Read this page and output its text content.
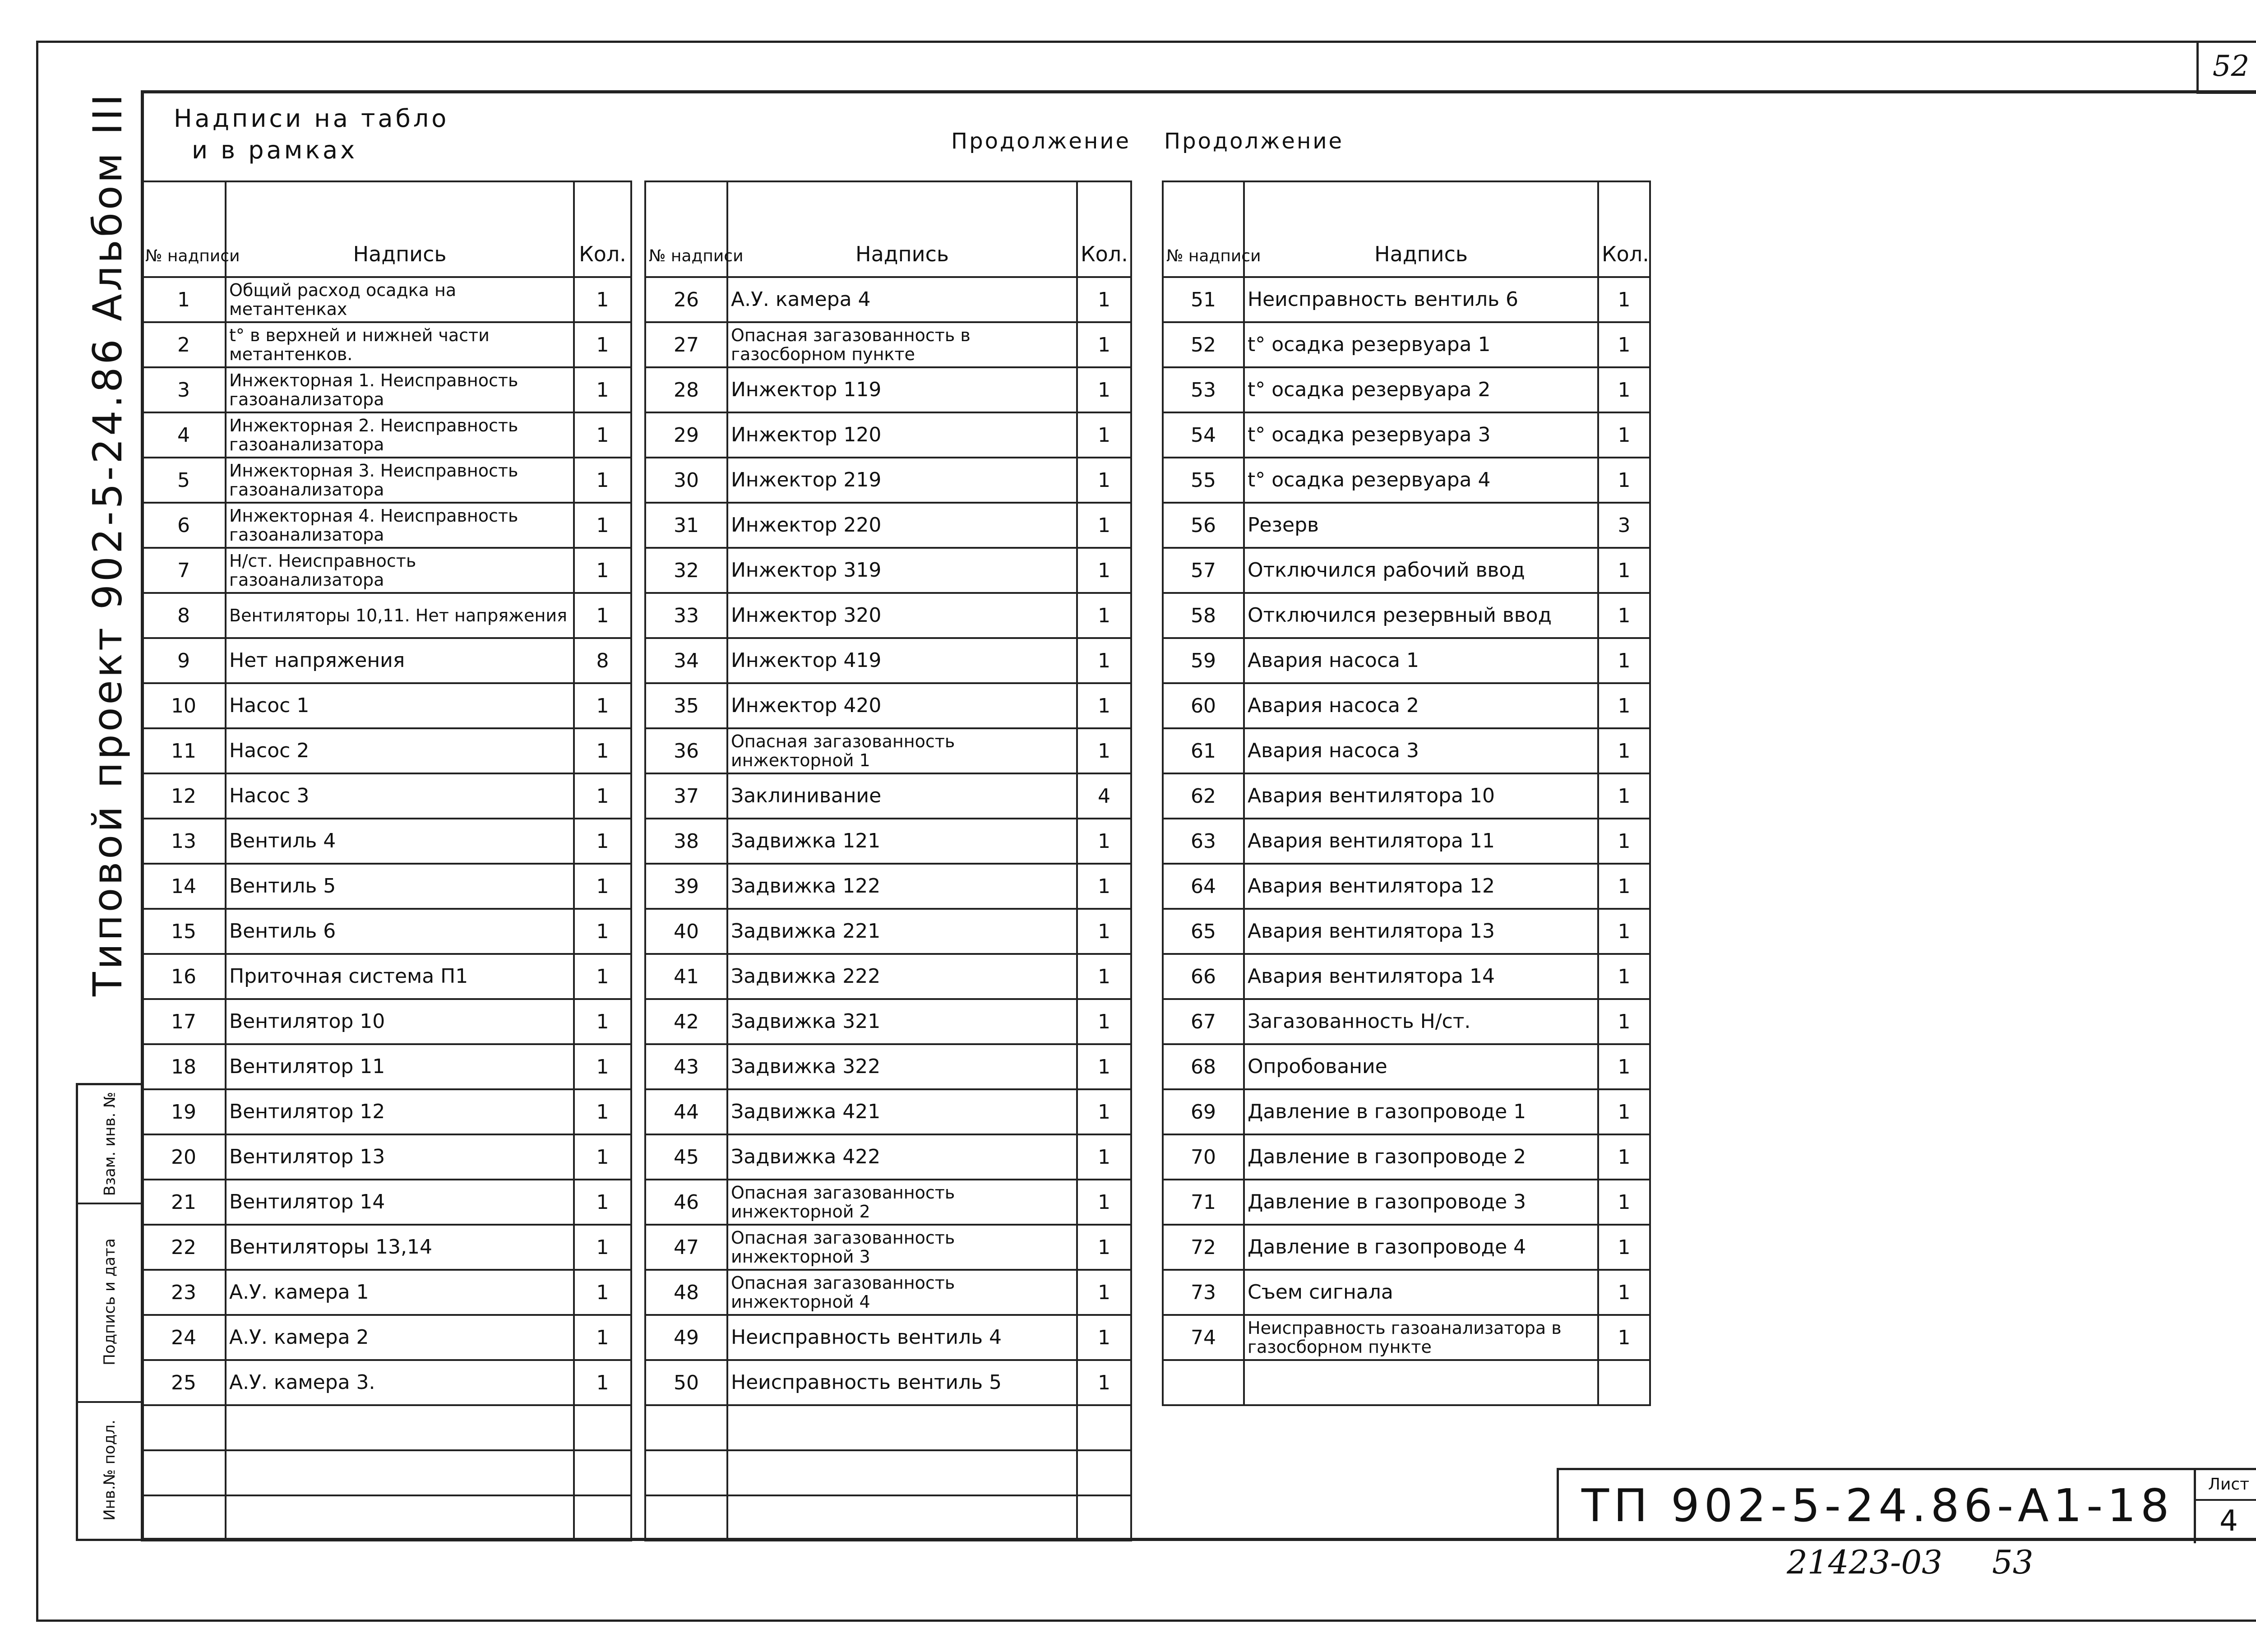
52
Типовой проект 902-5-24.86 Альбом III
Взам. инв. №
Подпись и дата
Инв.№ подл.
Надписи на табло
и в рамках	Продолжение Продолжение
№ надписи	Надпись	Кол.
1	Общий расход осадка на метантенках	1
2	t° в верхней и нижней части метантенков.	1
3	Инжекторная 1. Неисправность газоанализатора	1
4	Инжекторная 2. Неисправность газоанализатора	1
5	Инжекторная 3. Неисправность газоанализатора	1
6	Инжекторная 4. Неисправность газоанализатора	1
7	Н/ст. Неисправность газоанализатора	1
8	Вентиляторы 10,11. Нет напряжения	1
9	Нет напряжения	8
10	Насос 1	1
11	Насос 2	1
12	Насос 3	1
13	Вентиль 4	1
14	Вентиль 5	1
15	Вентиль 6	1
16	Приточная система П1	1
17	Вентилятор 10	1
18	Вентилятор 11	1
19	Вентилятор 12	1
20	Вентилятор 13	1
21	Вентилятор 14	1
22	Вентиляторы 13,14	1
23	А.У. камера 1	1
24	А.У. камера 2	1
25	А.У. камера 3.	1

№ надписи	Надпись	Кол.
26	А.У. камера 4	1
27	Опасная загазованность в газосборном пункте	1
28	Инжектор 119	1
29	Инжектор 120	1
30	Инжектор 219	1
31	Инжектор 220	1
32	Инжектор 319	1
33	Инжектор 320	1
34	Инжектор 419	1
35	Инжектор 420	1
36	Опасная загазованность инжекторной 1	1
37	Заклинивание	4
38	Задвижка 121	1
39	Задвижка 122	1
40	Задвижка 221	1
41	Задвижка 222	1
42	Задвижка 321	1
43	Задвижка 322	1
44	Задвижка 421	1
45	Задвижка 422	1
46	Опасная загазованность инжекторной 2	1
47	Опасная загазованность инжекторной 3	1
48	Опасная загазованность инжекторной 4	1
49	Неисправность вентиль 4	1
50	Неисправность вентиль 5	1

№ надписи	Надпись	Кол.
51	Неисправность вентиль 6	1
52	t° осадка резервуара 1	1
53	t° осадка резервуара 2	1
54	t° осадка резервуара 3	1
55	t° осадка резервуара 4	1
56	Резерв	3
57	Отключился рабочий ввод	1
58	Отключился резервный ввод	1
59	Авария насоса 1	1
60	Авария насоса 2	1
61	Авария насоса 3	1
62	Авария вентилятора 10	1
63	Авария вентилятора 11	1
64	Авария вентилятора 12	1
65	Авария вентилятора 13	1
66	Авария вентилятора 14	1
67	Загазованность Н/ст.	1
68	Опробование	1
69	Давление в газопроводе 1	1
70	Давление в газопроводе 2	1
71	Давление в газопроводе 3	1
72	Давление в газопроводе 4	1
73	Съем сигнала	1
74	Неисправность газоанализатора в газосборном пункте	1

ТП 902-5-24.86-А1-18	Лист
4
21423-03 53
